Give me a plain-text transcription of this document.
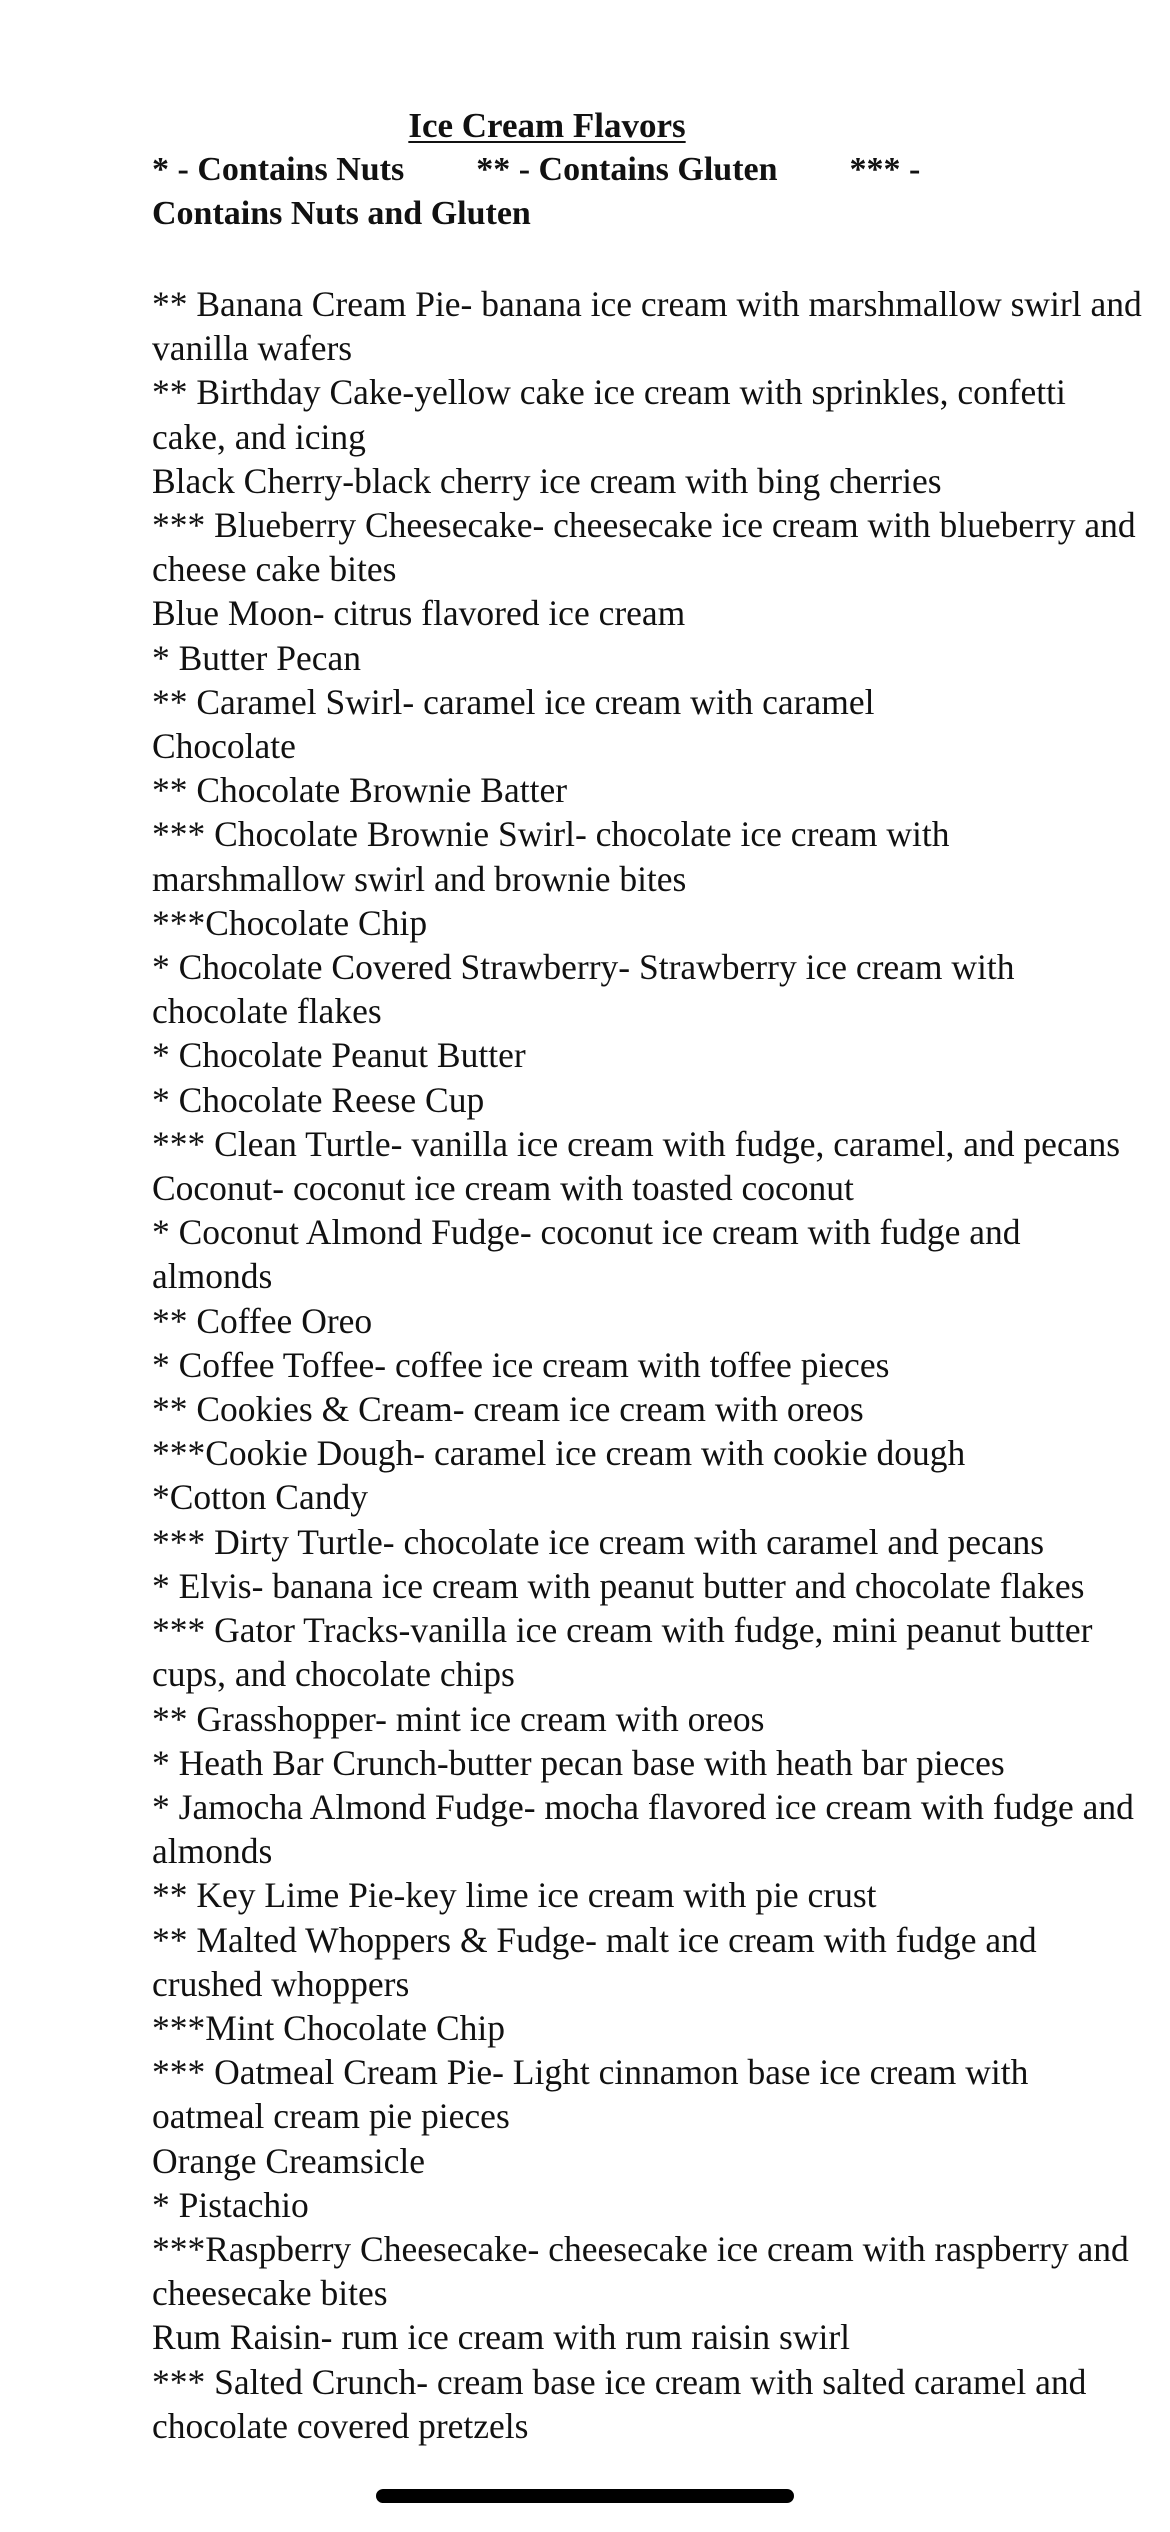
Ice Cream Flavors
* - Contains Nuts ** - Contains Gluten *** -
Contains Nuts and Gluten
** Banana Cream Pie- banana ice cream with marshmallow swirl and vanilla wafers
** Birthday Cake-yellow cake ice cream with sprinkles, confetti cake, and icing
Black Cherry-black cherry ice cream with bing cherries
*** Blueberry Cheesecake- cheesecake ice cream with blueberry and cheese cake bites
Blue Moon- citrus flavored ice cream
* Butter Pecan
** Caramel Swirl- caramel ice cream with caramel
Chocolate
** Chocolate Brownie Batter
*** Chocolate Brownie Swirl- chocolate ice cream with marshmallow swirl and brownie bites
***Chocolate Chip
* Chocolate Covered Strawberry- Strawberry ice cream with chocolate flakes
* Chocolate Peanut Butter
* Chocolate Reese Cup
*** Clean Turtle- vanilla ice cream with fudge, caramel, and pecans
Coconut- coconut ice cream with toasted coconut
* Coconut Almond Fudge- coconut ice cream with fudge and almonds
** Coffee Oreo
* Coffee Toffee- coffee ice cream with toffee pieces
** Cookies & Cream- cream ice cream with oreos
***Cookie Dough- caramel ice cream with cookie dough
*Cotton Candy
*** Dirty Turtle- chocolate ice cream with caramel and pecans
* Elvis- banana ice cream with peanut butter and chocolate flakes
*** Gator Tracks-vanilla ice cream with fudge, mini peanut butter cups, and chocolate chips
** Grasshopper- mint ice cream with oreos
* Heath Bar Crunch-butter pecan base with heath bar pieces
* Jamocha Almond Fudge- mocha flavored ice cream with fudge and almonds
** Key Lime Pie-key lime ice cream with pie crust
** Malted Whoppers & Fudge- malt ice cream with fudge and crushed whoppers
***Mint Chocolate Chip
*** Oatmeal Cream Pie- Light cinnamon base ice cream with oatmeal cream pie pieces
Orange Creamsicle
* Pistachio
***Raspberry Cheesecake- cheesecake ice cream with raspberry and cheesecake bites
Rum Raisin- rum ice cream with rum raisin swirl
*** Salted Crunch- cream base ice cream with salted caramel and chocolate covered pretzels
